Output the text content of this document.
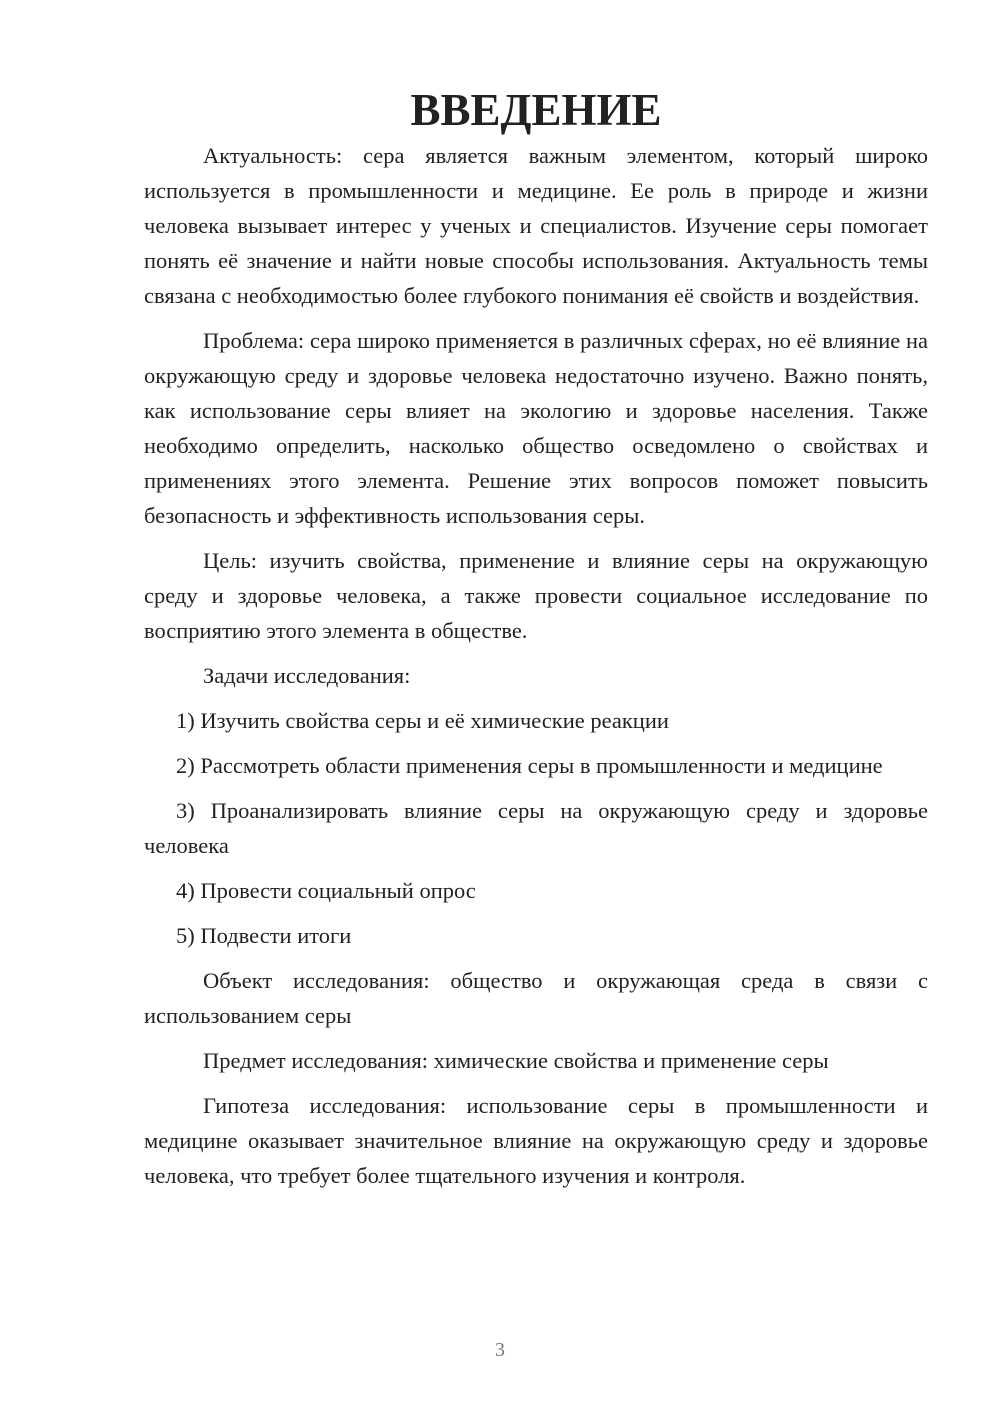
ВВЕДЕНИЕ

Актуальность: сера является важным элементом, который широко используется в промышленности и медицине. Ее роль в природе и жизни человека вызывает интерес у ученых и специалистов. Изучение серы помогает понять её значение и найти новые способы использования. Актуальность темы связана с необходимостью более глубокого понимания её свойств и воздействия.

Проблема: сера широко применяется в различных сферах, но её влияние на окружающую среду и здоровье человека недостаточно изучено. Важно понять, как использование серы влияет на экологию и здоровье населения. Также необходимо определить, насколько общество осведомлено о свойствах и применениях этого элемента. Решение этих вопросов поможет повысить безопасность и эффективность использования серы.

Цель: изучить свойства, применение и влияние серы на окружающую среду и здоровье человека, а также провести социальное исследование по восприятию этого элемента в обществе.

Задачи исследования:

1) Изучить свойства серы и её химические реакции

2) Рассмотреть области применения серы в промышленности и медицине

3) Проанализировать влияние серы на окружающую среду и здоровье человека

4) Провести социальный опрос

5) Подвести итоги

Объект исследования: общество и окружающая среда в связи с использованием серы

Предмет исследования: химические свойства и применение серы

Гипотеза исследования: использование серы в промышленности и медицине оказывает значительное влияние на окружающую среду и здоровье человека, что требует более тщательного изучения и контроля.

3
